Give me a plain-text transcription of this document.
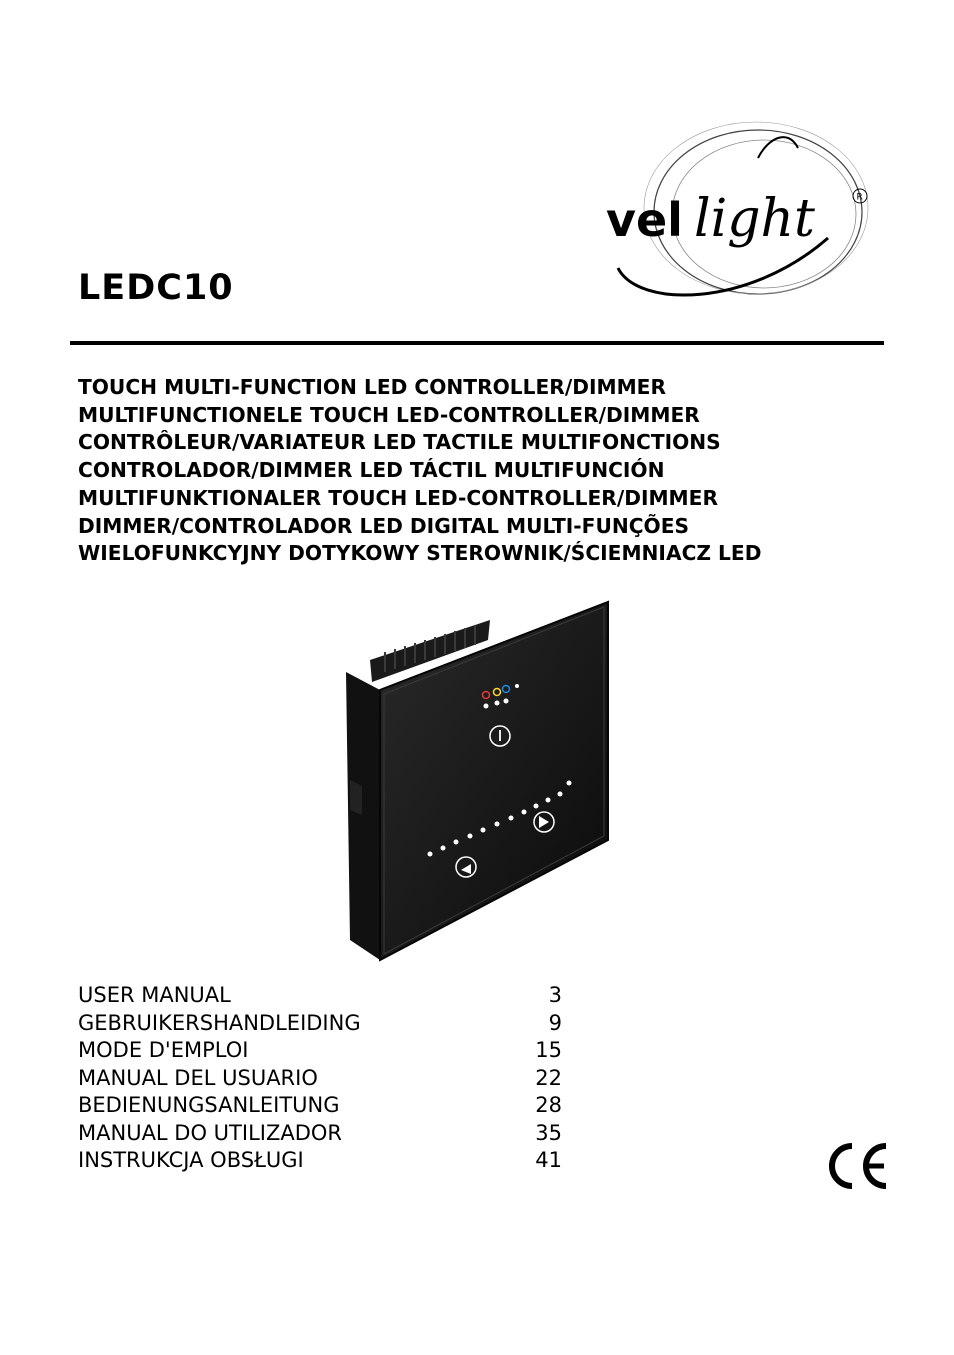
LEDC10
vel light	R
TOUCH MULTI-FUNCTION LED CONTROLLER/DIMMER
MULTIFUNCTIONELE TOUCH LED-CONTROLLER/DIMMER
CONTRÔLEUR/VARIATEUR LED TACTILE MULTIFONCTIONS
CONTROLADOR/DIMMER LED TÁCTIL MULTIFUNCIÓN
MULTIFUNKTIONALER TOUCH LED-CONTROLLER/DIMMER
DIMMER/CONTROLADOR LED DIGITAL MULTI-FUNÇÕES
WIELOFUNKCYJNY DOTYKOWY STEROWNIK/ŚCIEMNIACZ LED
USER MANUAL	3
GEBRUIKERSHANDLEIDING	9
MODE D'EMPLOI	15
MANUAL DEL USUARIO	22
BEDIENUNGSANLEITUNG	28
MANUAL DO UTILIZADOR	35
INSTRUKCJA OBSŁUGI	41
